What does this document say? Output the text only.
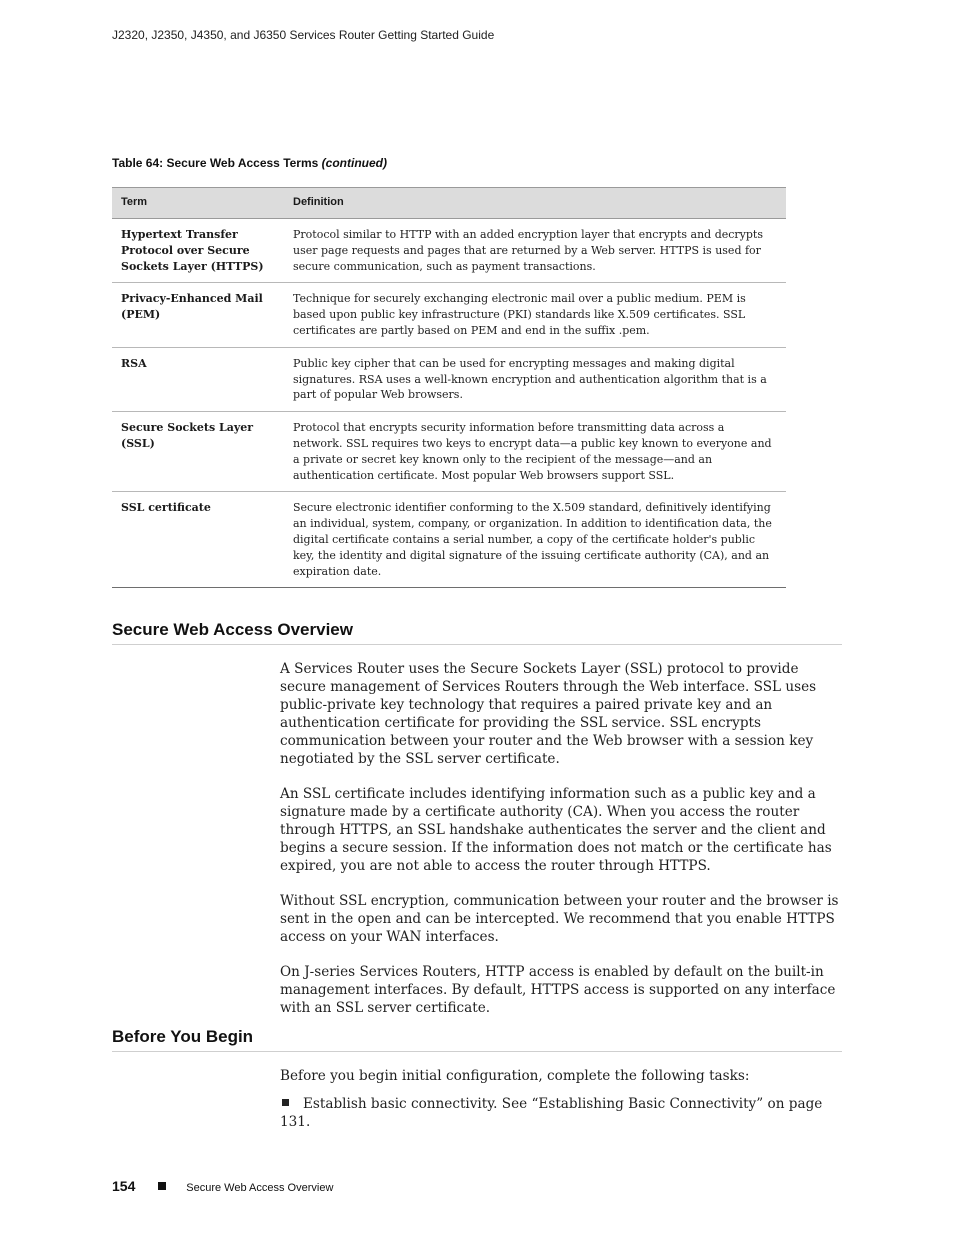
J2320, J2350, J4350, and J6350 Services Router Getting Started Guide
Table 64: Secure Web Access Terms (continued)
Term	Definition
Hypertext Transfer Protocol over Secure Sockets Layer (HTTPS)	Protocol similar to HTTP with an added encryption layer that encrypts and decrypts user page requests and pages that are returned by a Web server. HTTPS is used for secure communication, such as payment transactions.
Privacy-Enhanced Mail (PEM)	Technique for securely exchanging electronic mail over a public medium. PEM is based upon public key infrastructure (PKI) standards like X.509 certificates. SSL certificates are partly based on PEM and end in the suffix .pem.
RSA	Public key cipher that can be used for encrypting messages and making digital signatures. RSA uses a well-known encryption and authentication algorithm that is a part of popular Web browsers.
Secure Sockets Layer (SSL)	Protocol that encrypts security information before transmitting data across a network. SSL requires two keys to encrypt data—a public key known to everyone and a private or secret key known only to the recipient of the message—and an authentication certificate. Most popular Web browsers support SSL.
SSL certificate	Secure electronic identifier conforming to the X.509 standard, definitively identifying an individual, system, company, or organization. In addition to identification data, the digital certificate contains a serial number, a copy of the certificate holder's public key, the identity and digital signature of the issuing certificate authority (CA), and an expiration date.
Secure Web Access Overview

A Services Router uses the Secure Sockets Layer (SSL) protocol to provide secure management of Services Routers through the Web interface. SSL uses public-private key technology that requires a paired private key and an authentication certificate for providing the SSL service. SSL encrypts communication between your router and the Web browser with a session key negotiated by the SSL server certificate.

An SSL certificate includes identifying information such as a public key and a signature made by a certificate authority (CA). When you access the router through HTTPS, an SSL handshake authenticates the server and the client and begins a secure session. If the information does not match or the certificate has expired, you are not able to access the router through HTTPS.

Without SSL encryption, communication between your router and the browser is sent in the open and can be intercepted. We recommend that you enable HTTPS access on your WAN interfaces.

On J-series Services Routers, HTTP access is enabled by default on the built-in management interfaces. By default, HTTPS access is supported on any interface with an SSL server certificate.

Before You Begin
Before you begin initial configuration, complete the following tasks:
Establish basic connectivity. See “Establishing Basic Connectivity” on page 131.
154	Secure Web Access Overview
